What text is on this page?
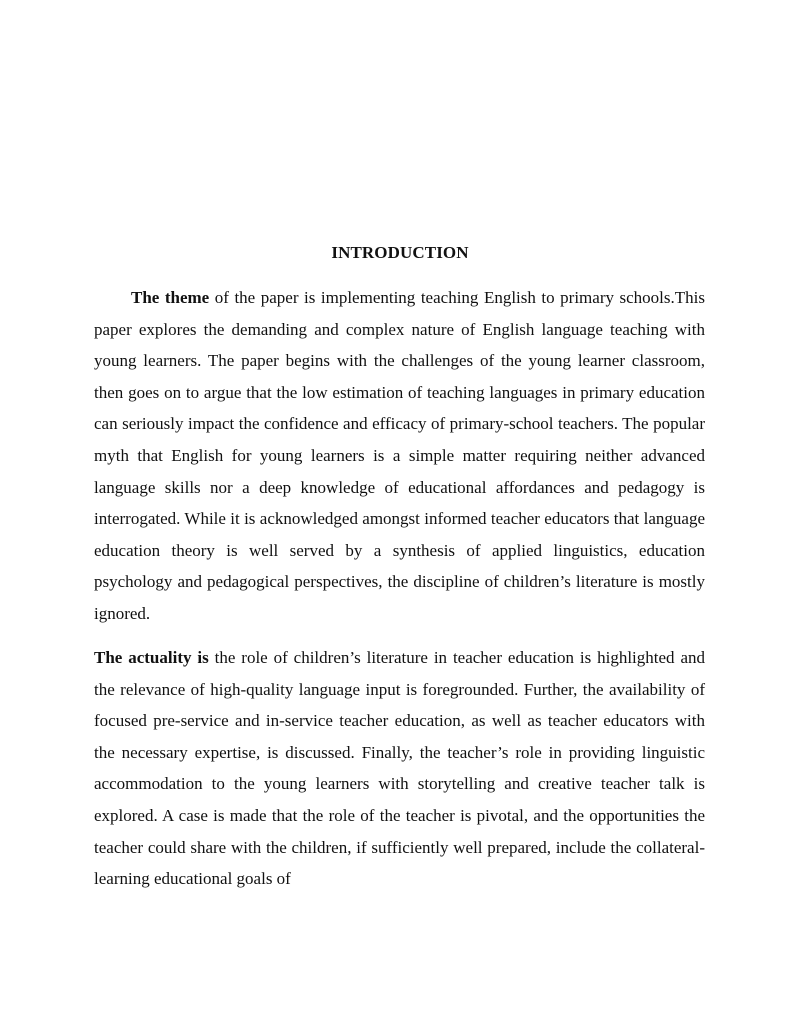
INTRODUCTION

The theme of the paper is implementing teaching English to primary schools.This paper explores the demanding and complex nature of English language teaching with young learners. The paper begins with the challenges of the young learner classroom, then goes on to argue that the low estimation of teaching languages in primary education can seriously impact the confidence and efficacy of primary-school teachers. The popular myth that English for young learners is a simple matter requiring neither advanced language skills nor a deep knowledge of educational affordances and pedagogy is interrogated. While it is acknowledged amongst informed teacher educators that language education theory is well served by a synthesis of applied linguistics, education psychology and pedagogical perspectives, the discipline of children’s literature is mostly ignored.

The actuality is the role of children’s literature in teacher education is highlighted and the relevance of high-quality language input is foregrounded. Further, the availability of focused pre-service and in-service teacher education, as well as teacher educators with the necessary expertise, is discussed. Finally, the teacher’s role in providing linguistic accommodation to the young learners with storytelling and creative teacher talk is explored. A case is made that the role of the teacher is pivotal, and the opportunities the teacher could share with the children, if sufficiently well prepared, include the collateral-learning educational goals of
